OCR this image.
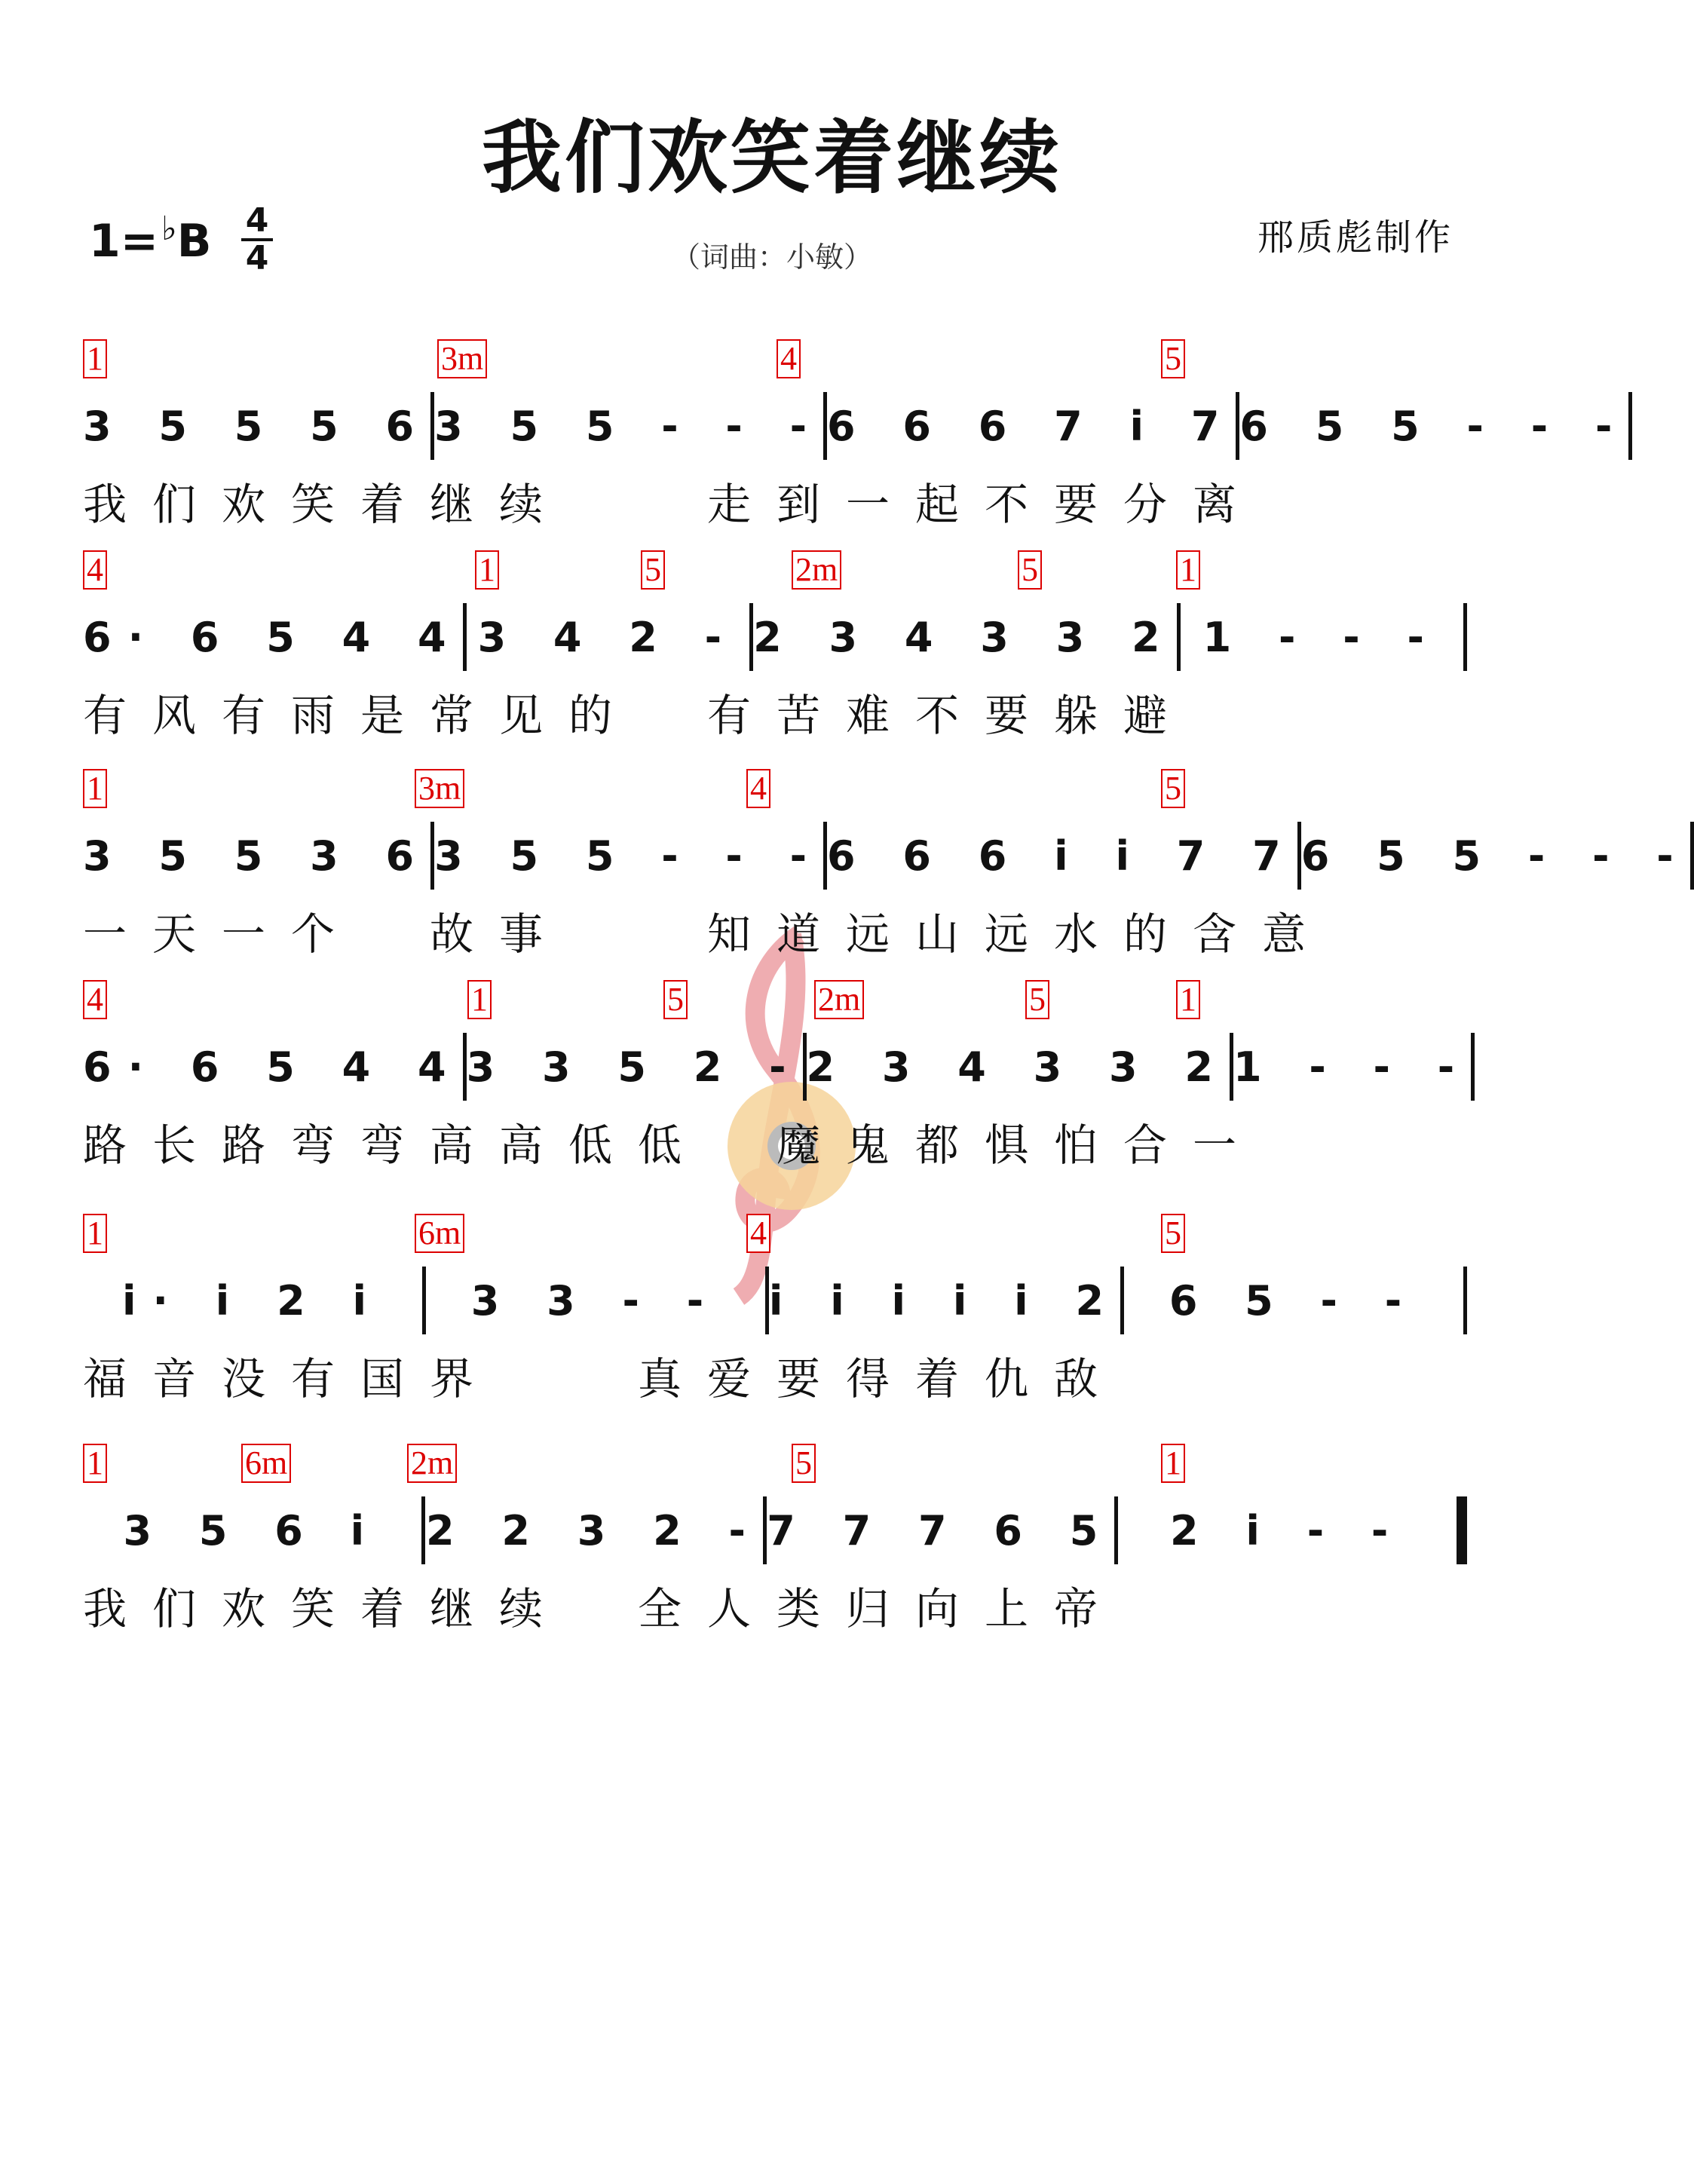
我们欢笑着继续
1=♭B 4
4	（词曲：小敏）	邢质彪制作
1	3m	4	5
3 5 5 5 6 3 5 5 - - - 6 6 6 7 i 7 6 5 5 - - -
我们欢笑着继续　　走到一起不要分离
4	1	5	2m	5	1
6· 6 5 4 4 3 4 2 - 2 3 4 3 3 2 1 - - -
有风有雨是常见的　有苦难不要躲避
1	3m	4	5
3 5 5 3 6 3 5 5 - - - 6 6 6 i i 7 7 6 5 5 - - -
一天一个　故事　　知道远山远水的含意
4	1	5	2m	5	1
6· 6 5 4 4 3 3 5 2 - 2 3 4 3 3 2 1 - - -
路长路弯弯高高低低　魔鬼都惧怕合一
1	6m	4	5
i· i 2 i	3 3 - -	i i i i i 2	6 5 - -
福音没有国界　　真爱要得着仇敌
1	6m	2m	5	1
3 5 6 i	2 2 3 2 - 7 7 7 6 5	2 i - -
我们欢笑着继续　全人类归向上帝
